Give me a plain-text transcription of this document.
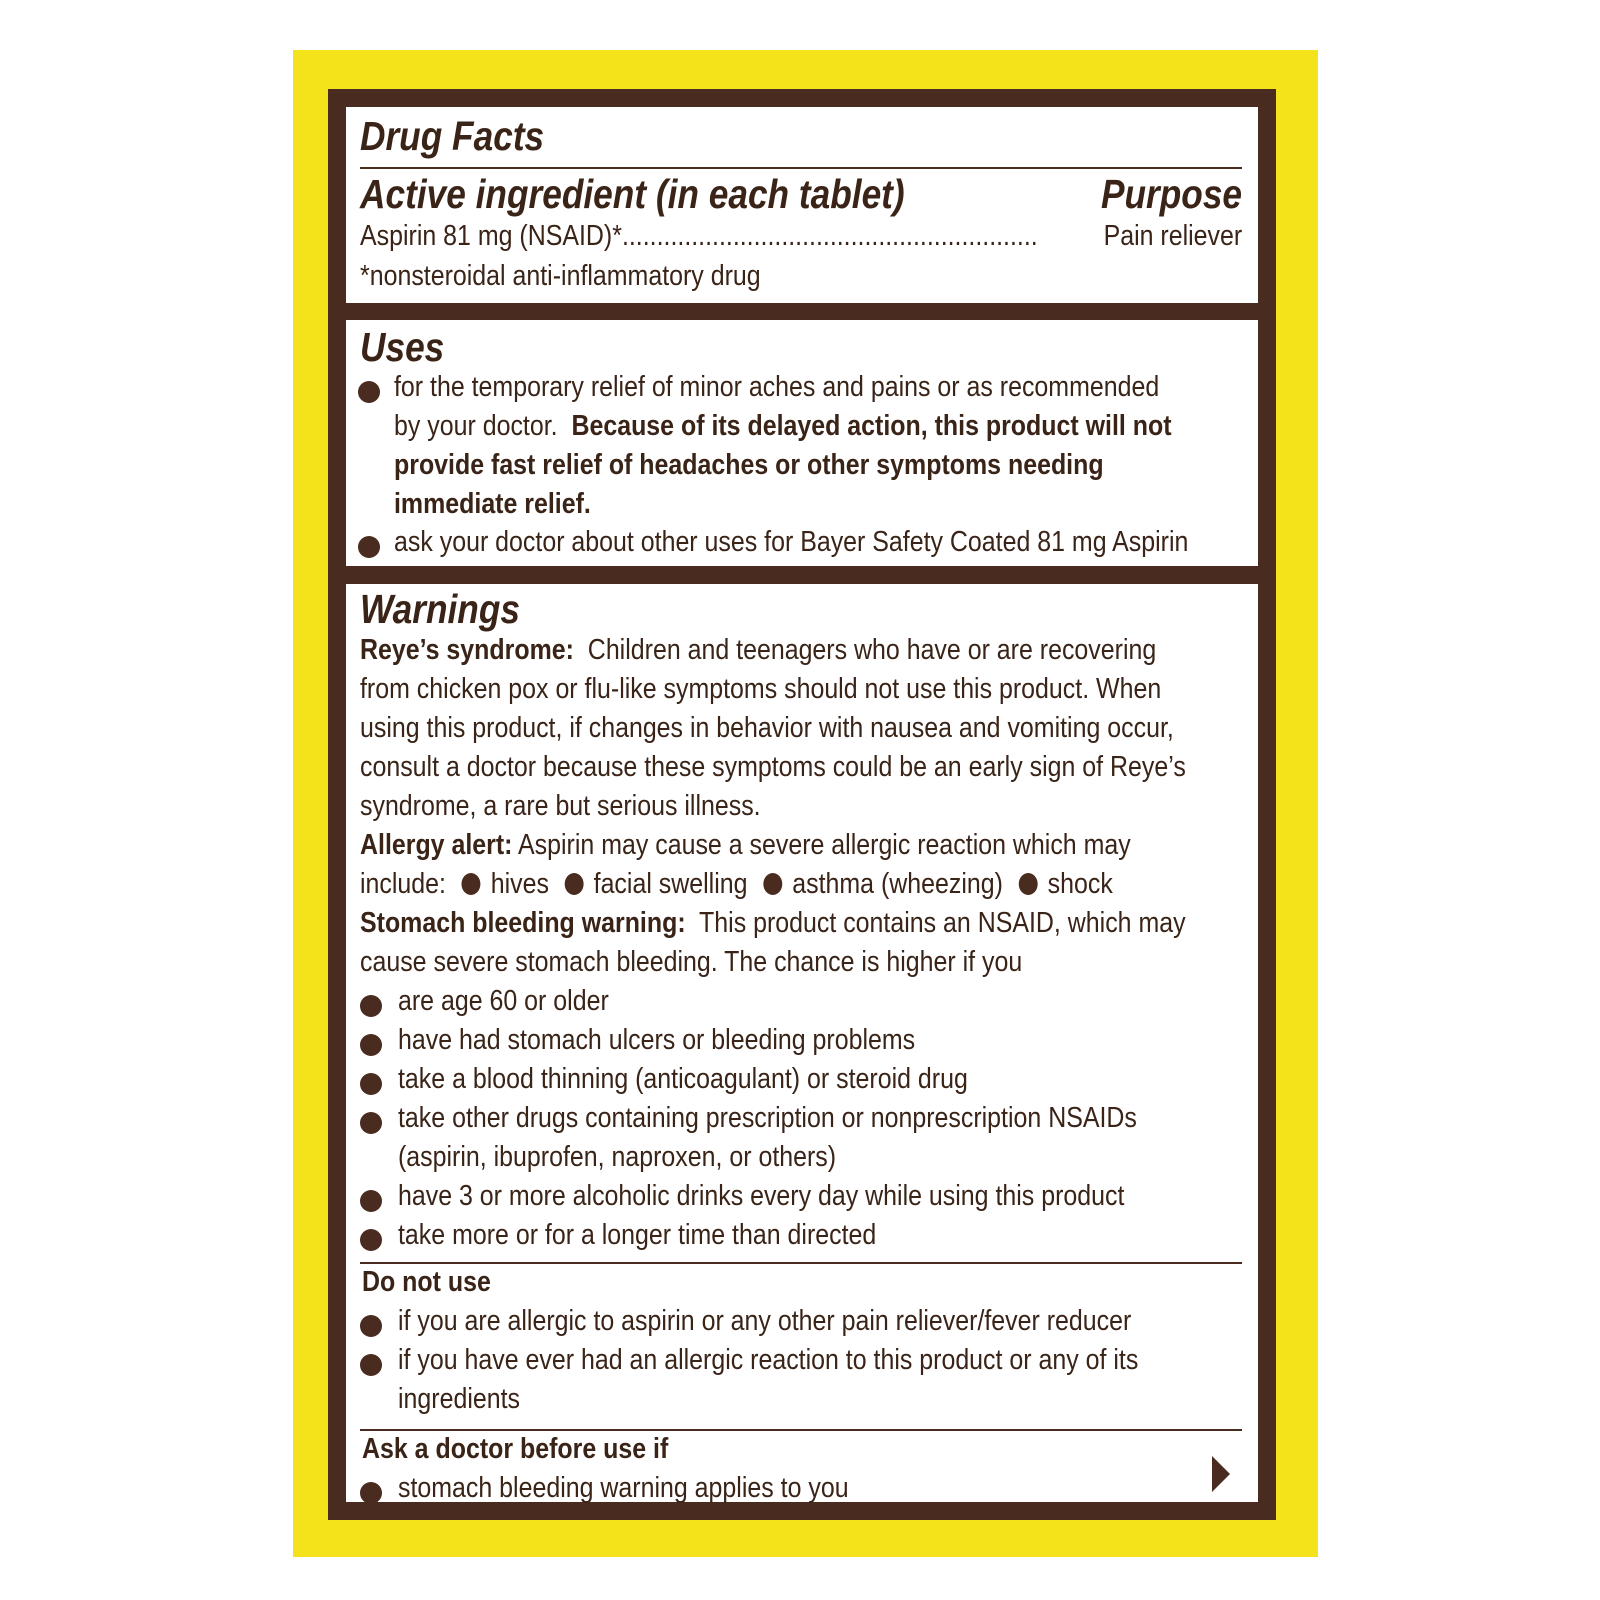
Drug Facts
Active ingredient (in each tablet)	Purpose
Aspirin 81 mg (NSAID)*............................................................	Pain reliever
*nonsteroidal anti-inflammatory drug
Uses
for the temporary relief of minor aches and pains or as recommended
by your doctor. Because of its delayed action, this product will not
provide fast relief of headaches or other symptoms needing
immediate relief.
ask your doctor about other uses for Bayer Safety Coated 81 mg Aspirin
Warnings
Reye’s syndrome: Children and teenagers who have or are recovering
from chicken pox or flu-like symptoms should not use this product. When
using this product, if changes in behavior with nausea and vomiting occur,
consult a doctor because these symptoms could be an early sign of Reye’s
syndrome, a rare but serious illness.
Allergy alert: Aspirin may cause a severe allergic reaction which may
include: hives facial swelling asthma (wheezing) shock
Stomach bleeding warning: This product contains an NSAID, which may
cause severe stomach bleeding. The chance is higher if you
are age 60 or older
have had stomach ulcers or bleeding problems
take a blood thinning (anticoagulant) or steroid drug
take other drugs containing prescription or nonprescription NSAIDs
(aspirin, ibuprofen, naproxen, or others)
have 3 or more alcoholic drinks every day while using this product
take more or for a longer time than directed
Do not use
if you are allergic to aspirin or any other pain reliever/fever reducer
if you have ever had an allergic reaction to this product or any of its
ingredients
Ask a doctor before use if
stomach bleeding warning applies to you
